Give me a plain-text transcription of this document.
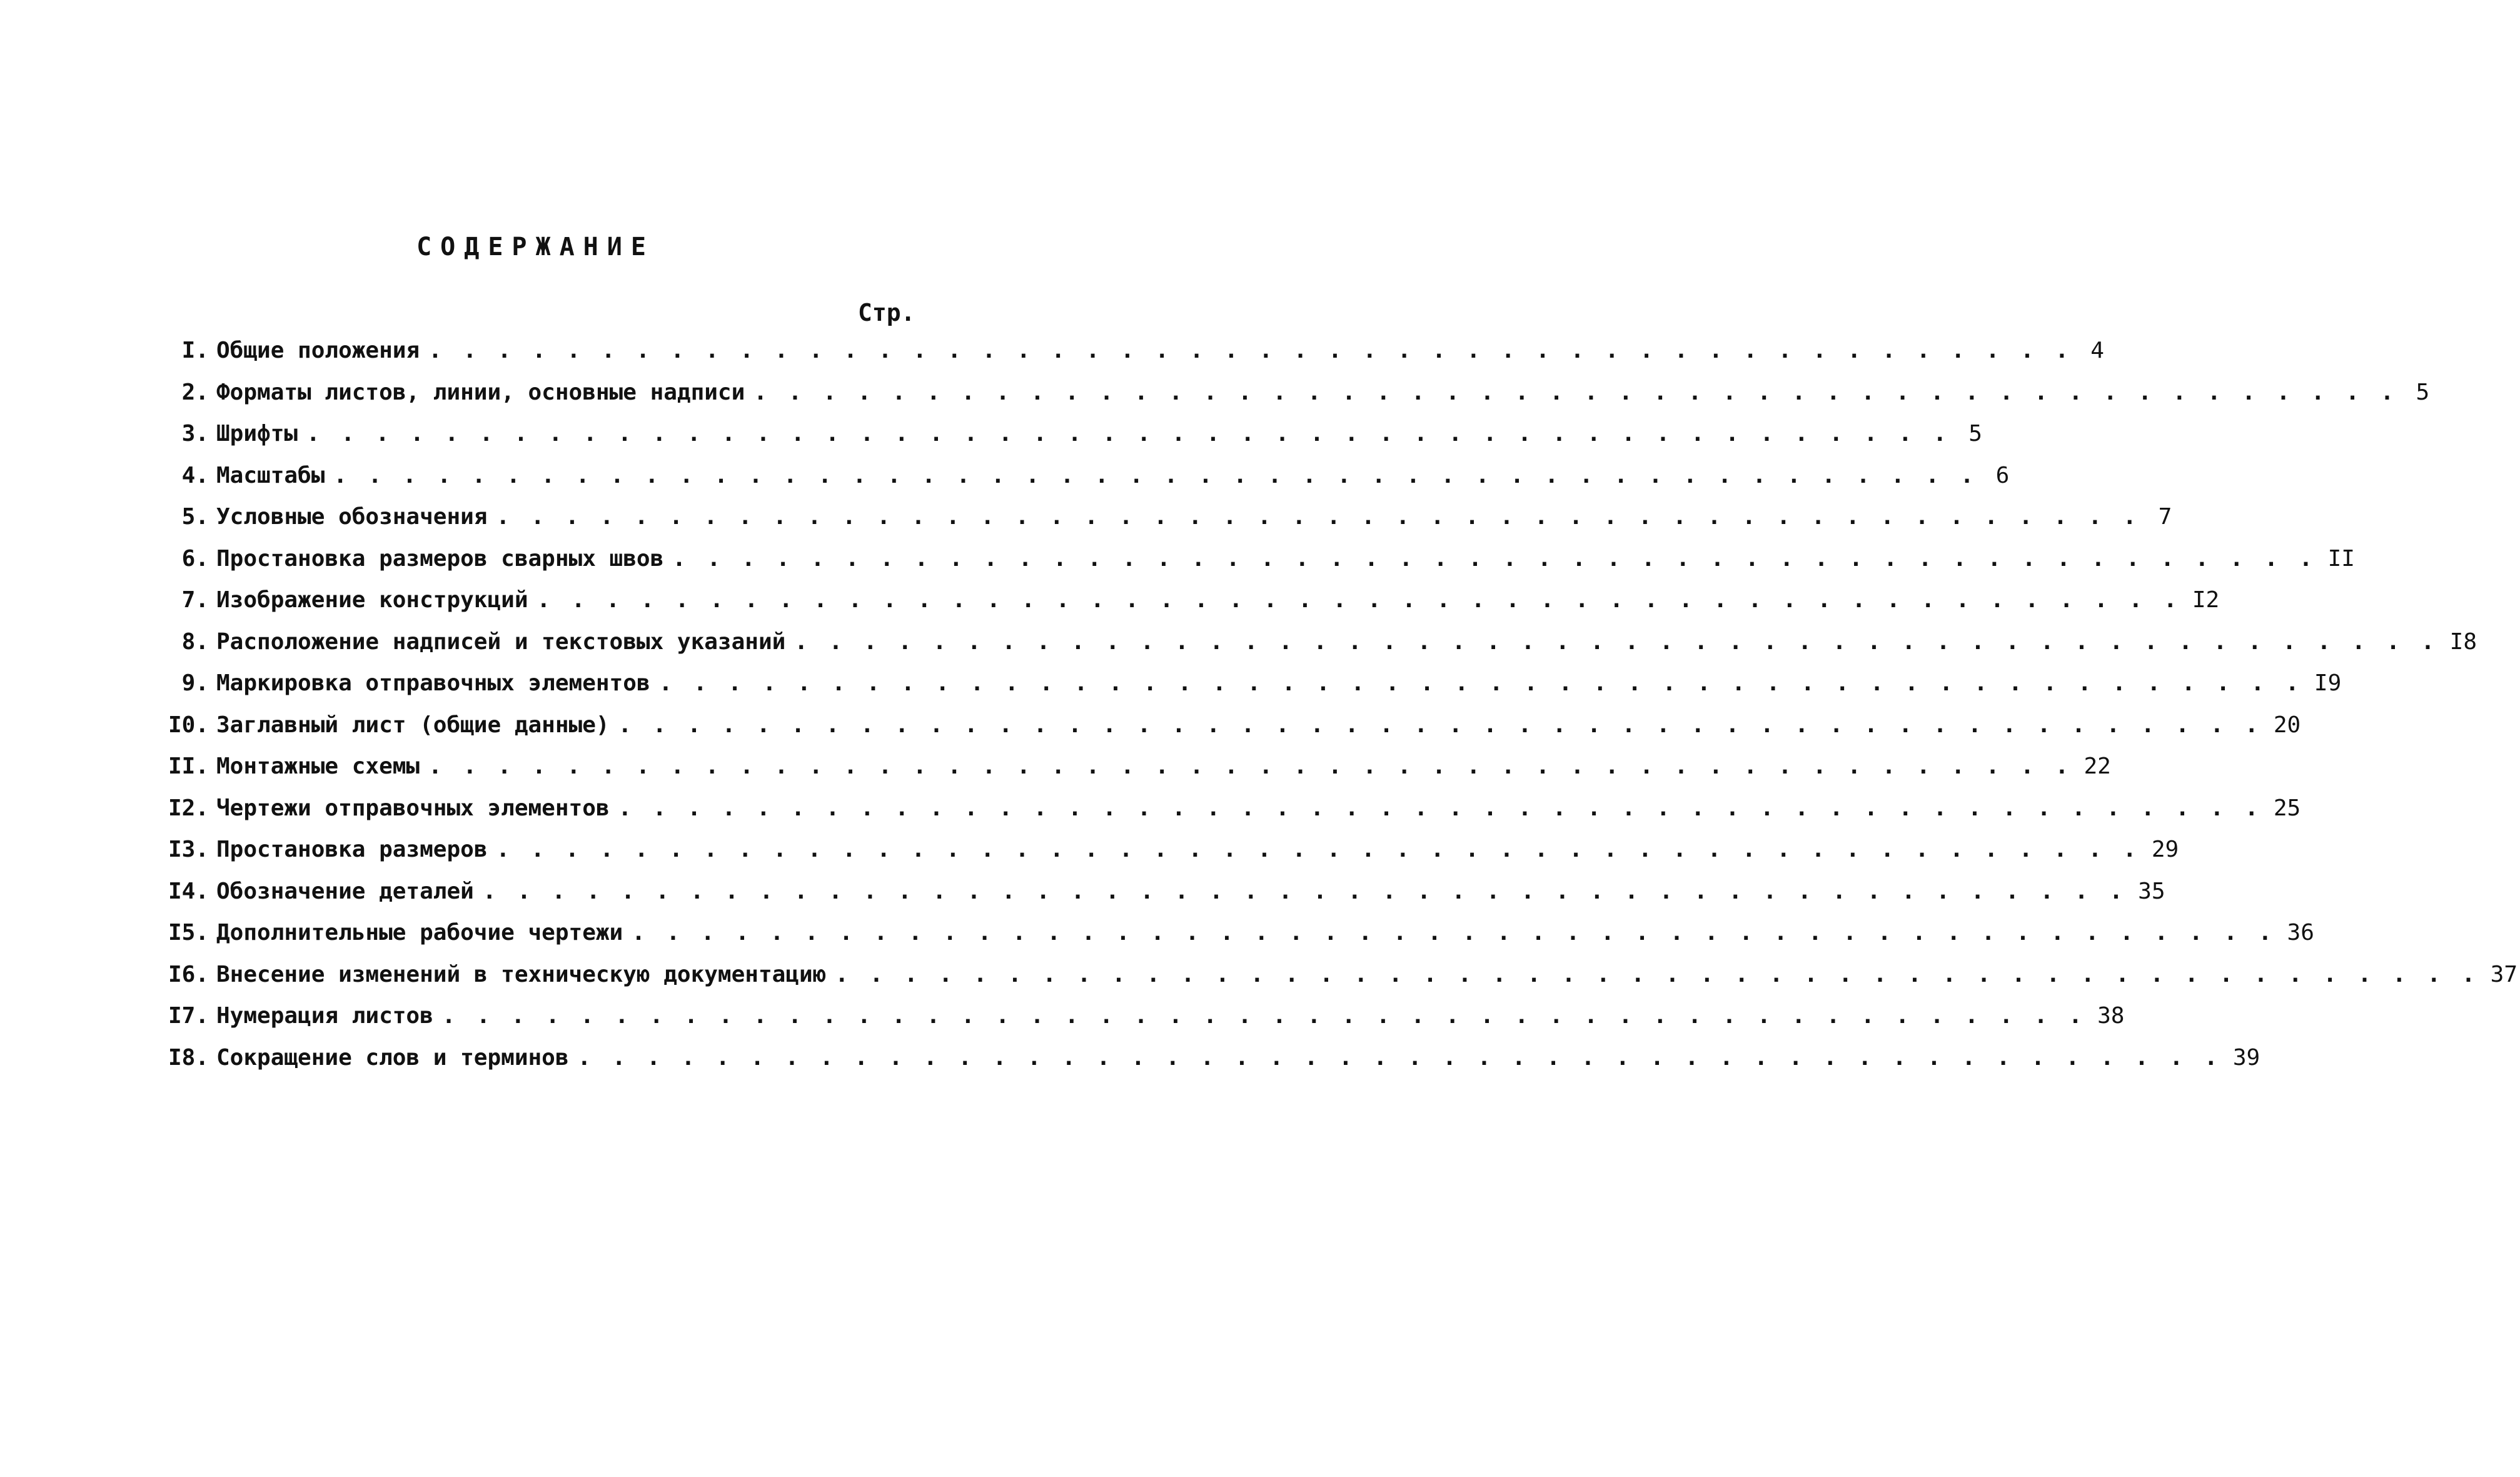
СОДЕРЖАНИЕ
Стр.
I. Общие положения . . . . . . . . . . . . . . . . . . . . . . . . . . . . . . . . . . . . . . . . . . . . . . . . 4
2. Форматы листов, линии, основные надписи . . . . . . . . . . . . . . . . . . . . . . . . . . . . . . . . . . . . . . . . . . . . . . . . 5
3. Шрифты . . . . . . . . . . . . . . . . . . . . . . . . . . . . . . . . . . . . . . . . . . . . . . . . 5
4. Масштабы . . . . . . . . . . . . . . . . . . . . . . . . . . . . . . . . . . . . . . . . . . . . . . . . 6
5. Условные обозначения . . . . . . . . . . . . . . . . . . . . . . . . . . . . . . . . . . . . . . . . . . . . . . . . 7
6. Простановка размеров сварных швов . . . . . . . . . . . . . . . . . . . . . . . . . . . . . . . . . . . . . . . . . . . . . . . . II
7. Изображение конструкций . . . . . . . . . . . . . . . . . . . . . . . . . . . . . . . . . . . . . . . . . . . . . . . . I2
8. Расположение надписей и текстовых указаний . . . . . . . . . . . . . . . . . . . . . . . . . . . . . . . . . . . . . . . . . . . . . . . . I8
9. Маркировка отправочных элементов . . . . . . . . . . . . . . . . . . . . . . . . . . . . . . . . . . . . . . . . . . . . . . . . I9
I0. Заглавный лист (общие данные) . . . . . . . . . . . . . . . . . . . . . . . . . . . . . . . . . . . . . . . . . . . . . . . . 20
II. Монтажные схемы . . . . . . . . . . . . . . . . . . . . . . . . . . . . . . . . . . . . . . . . . . . . . . . . 22
I2. Чертежи отправочных элементов . . . . . . . . . . . . . . . . . . . . . . . . . . . . . . . . . . . . . . . . . . . . . . . . 25
I3. Простановка размеров . . . . . . . . . . . . . . . . . . . . . . . . . . . . . . . . . . . . . . . . . . . . . . . . 29
I4. Обозначение деталей . . . . . . . . . . . . . . . . . . . . . . . . . . . . . . . . . . . . . . . . . . . . . . . . 35
I5. Дополнительные рабочие чертежи . . . . . . . . . . . . . . . . . . . . . . . . . . . . . . . . . . . . . . . . . . . . . . . . 36
I6. Внесение изменений в техническую документацию . . . . . . . . . . . . . . . . . . . . . . . . . . . . . . . . . . . . . . . . . . . . . . . . 37
I7. Нумерация листов . . . . . . . . . . . . . . . . . . . . . . . . . . . . . . . . . . . . . . . . . . . . . . . . 38
I8. Сокращение слов и терминов . . . . . . . . . . . . . . . . . . . . . . . . . . . . . . . . . . . . . . . . . . . . . . . . 39
